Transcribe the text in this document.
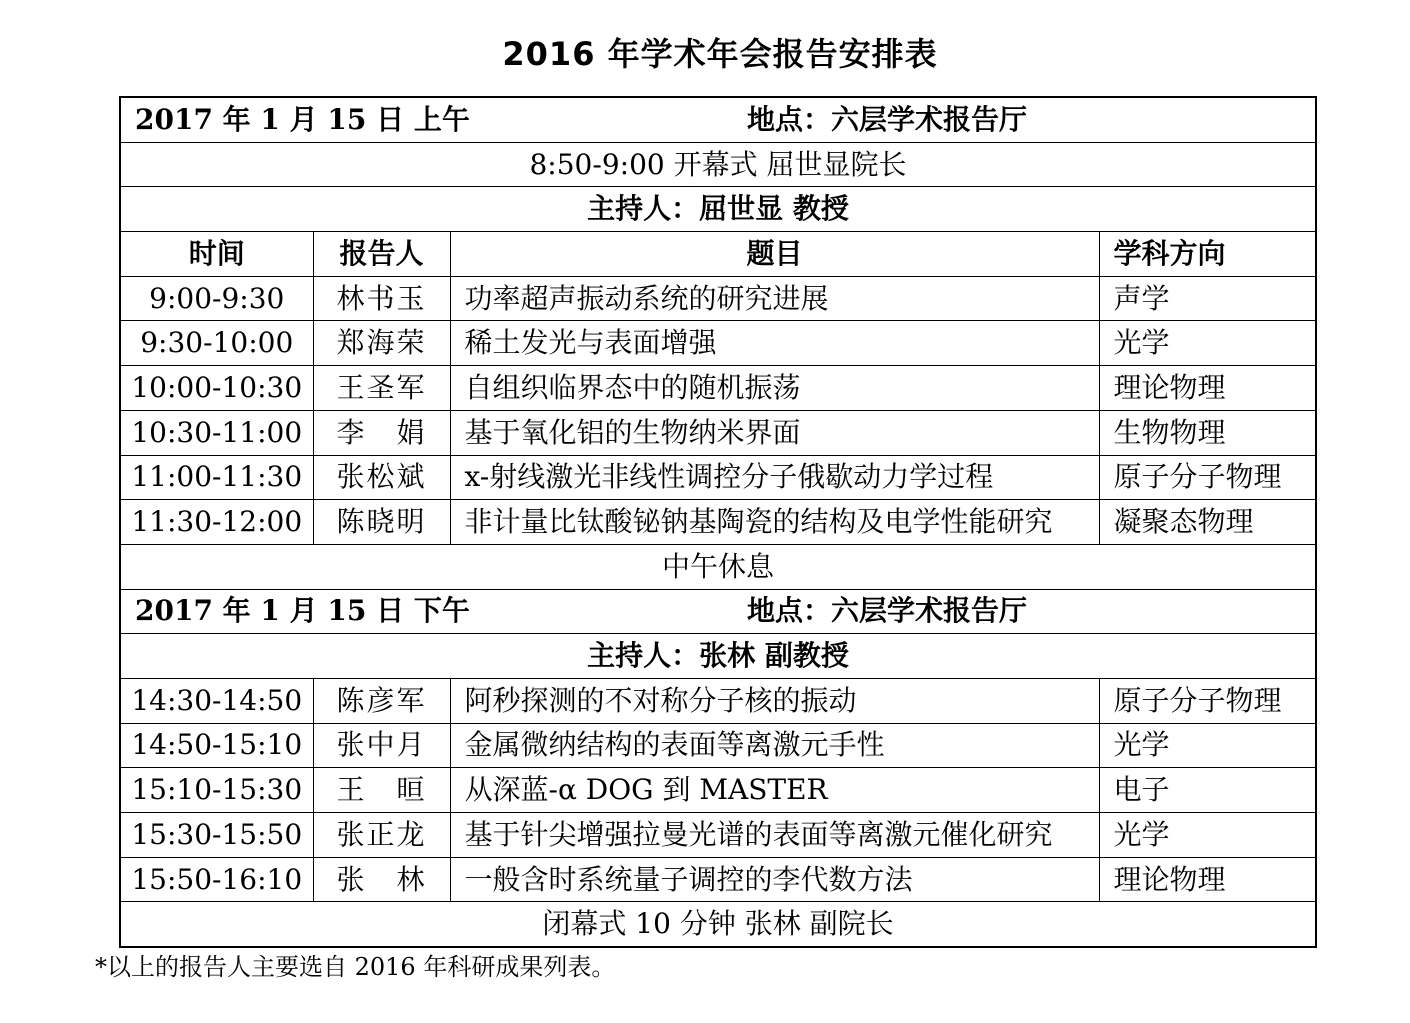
2016 年学术年会报告安排表
2017 年 1 月 15 日 上午 地点：六层学术报告厅			
8:50-9:00 开幕式 屈世显院长			
主持人：屈世显 教授			
时间	报告人	题目	学科方向
9:00-9:30	林书玉	功率超声振动系统的研究进展	声学
9:30-10:00	郑海荣	稀土发光与表面增强	光学
10:00-10:30	王圣军	自组织临界态中的随机振荡	理论物理
10:30-11:00	李　娟	基于氧化铝的生物纳米界面	生物物理
11:00-11:30	张松斌	x-射线激光非线性调控分子俄歇动力学过程	原子分子物理
11:30-12:00	陈晓明	非计量比钛酸铋钠基陶瓷的结构及电学性能研究	凝聚态物理
中午休息			
2017 年 1 月 15 日 下午 地点：六层学术报告厅			
主持人：张林 副教授			
14:30-14:50	陈彦军	阿秒探测的不对称分子核的振动	原子分子物理
14:50-15:10	张中月	金属微纳结构的表面等离激元手性	光学
15:10-15:30	王　晅	从深蓝-α DOG 到 MASTER	电子
15:30-15:50	张正龙	基于针尖增强拉曼光谱的表面等离激元催化研究	光学
15:50-16:10	张　林	一般含时系统量子调控的李代数方法	理论物理
闭幕式 10 分钟 张林 副院长			
*以上的报告人主要选自 2016 年科研成果列表。
